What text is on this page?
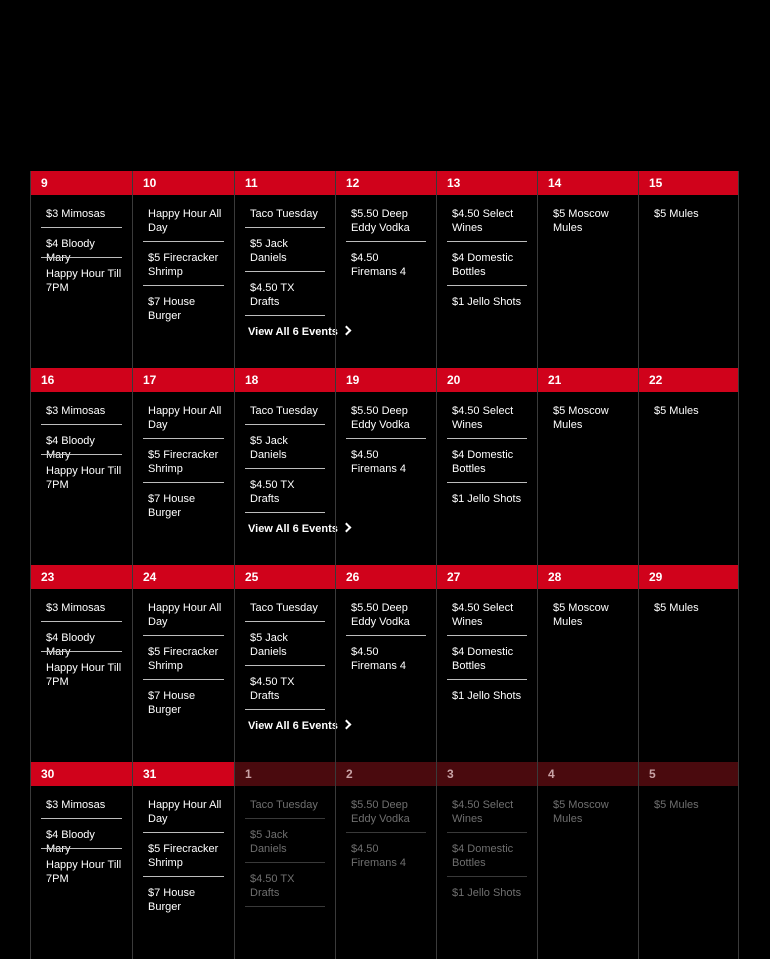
9
$3 Mimosas
$4 Bloody Mary
Happy Hour Till 7PM
10
Happy Hour All Day
$5 Firecracker Shrimp
$7 House Burger
11
Taco Tuesday
$5 Jack Daniels
$4.50 TX Drafts
View All 6 Events
12
$5.50 Deep Eddy Vodka
$4.50 Firemans 4
13
$4.50 Select Wines
$4 Domestic Bottles
$1 Jello Shots
14
$5 Moscow Mules
15
$5 Mules
16
$3 Mimosas
$4 Bloody Mary
Happy Hour Till 7PM
17
Happy Hour All Day
$5 Firecracker Shrimp
$7 House Burger
18
Taco Tuesday
$5 Jack Daniels
$4.50 TX Drafts
View All 6 Events
19
$5.50 Deep Eddy Vodka
$4.50 Firemans 4
20
$4.50 Select Wines
$4 Domestic Bottles
$1 Jello Shots
21
$5 Moscow Mules
22
$5 Mules
23
$3 Mimosas
$4 Bloody Mary
Happy Hour Till 7PM
24
Happy Hour All Day
$5 Firecracker Shrimp
$7 House Burger
25
Taco Tuesday
$5 Jack Daniels
$4.50 TX Drafts
View All 6 Events
26
$5.50 Deep Eddy Vodka
$4.50 Firemans 4
27
$4.50 Select Wines
$4 Domestic Bottles
$1 Jello Shots
28
$5 Moscow Mules
29
$5 Mules
30
$3 Mimosas
$4 Bloody Mary
Happy Hour Till 7PM
31
Happy Hour All Day
$5 Firecracker Shrimp
$7 House Burger
1
Taco Tuesday
$5 Jack Daniels
$4.50 TX Drafts
2
$5.50 Deep Eddy Vodka
$4.50 Firemans 4
3
$4.50 Select Wines
$4 Domestic Bottles
$1 Jello Shots
4
$5 Moscow Mules
5
$5 Mules
